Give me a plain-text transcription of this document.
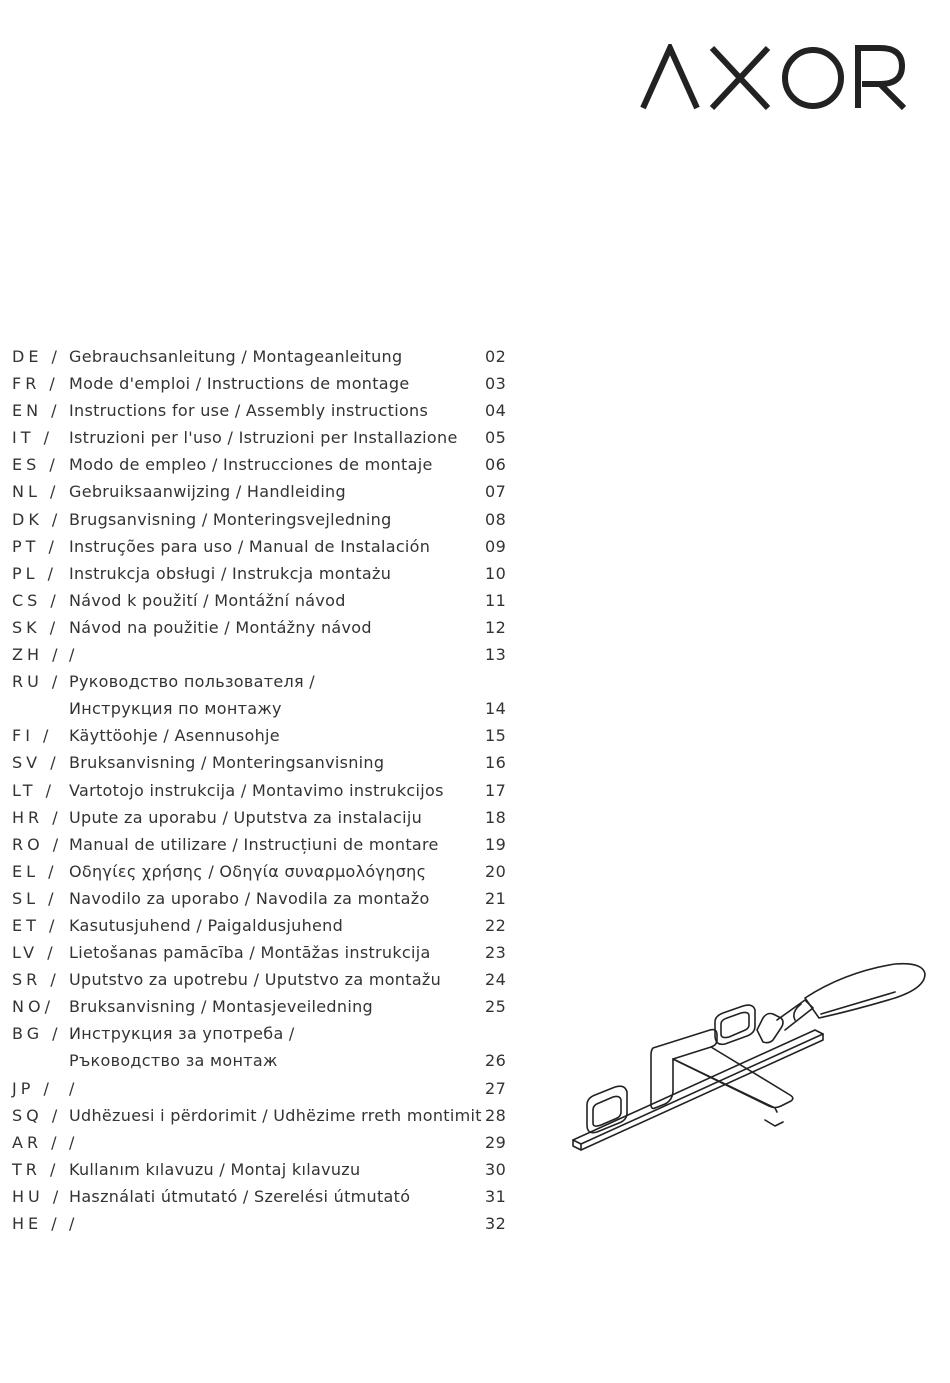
DE / Gebrauchsanleitung / Montageanleitung	02
FR / Mode d'emploi / Instructions de montage	03
EN / Instructions for use / Assembly instructions	04
IT / Istruzioni per l'uso / Istruzioni per Installazione 05
ES / Modo de empleo / Instrucciones de montaje	06
NL / Gebruiksaanwijzing / Handleiding	07
DK / Brugsanvisning / Monteringsvejledning	08
PT / Instruções para uso / Manual de Instalación	09
PL / Instrukcja obsługi / Instrukcja montażu	10
CS / Návod k použití / Montážní návod	11
SK / Návod na použitie / Montážny návod	12
ZH / /	13
RU / Руководство пользователя /
Инструкция по монтажу	14
FI / Käyttöohje / Asennusohje	15
SV / Bruksanvisning / Monteringsanvisning	16
LT / Vartotojo instrukcija / Montavimo instrukcijos	17
HR / Upute za uporabu / Uputstva za instalaciju	18
RO / Manual de utilizare / Instrucțiuni de montare	19
EL / Οδηγίες χρήσης / Οδηγία συναρμολόγησης	20
SL / Navodilo za uporabo / Navodila za montažo	21
ET / Kasutusjuhend / Paigaldusjuhend	22
LV / Lietošanas pamācība / Montāžas instrukcija	23
SR / Uputstvo za upotrebu / Uputstvo za montažu	24
NO/ Bruksanvisning / Montasjeveiledning	25
BG / Инструкция за употреба /
Ръководство за монтаж	26
JP / /	27
SQ / Udhëzuesi i përdorimit / Udhëzime rreth montimit 28
AR / /	29
TR / Kullanım kılavuzu / Montaj kılavuzu	30
HU / Használati útmutató / Szerelési útmutató	31
HE / /	32
